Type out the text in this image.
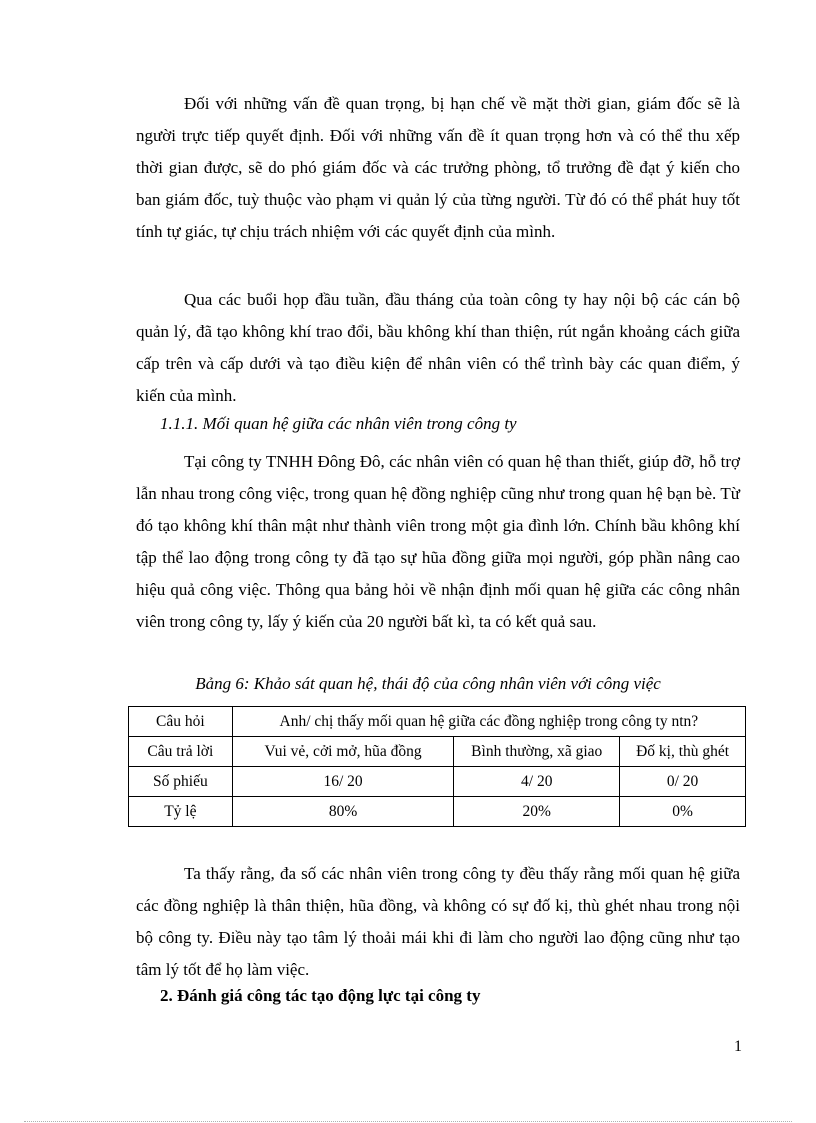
Đối với những vấn đề quan trọng, bị hạn chế về mặt thời gian, giám đốc sẽ là người trực tiếp quyết định. Đối với những vấn đề ít quan trọng hơn và có thể thu xếp thời gian được, sẽ do phó giám đốc và các trưởng phòng, tổ trưởng đề đạt ý kiến cho ban giám đốc, tuỳ thuộc vào phạm vi quản lý của từng người. Từ đó có thể phát huy tốt tính tự giác, tự chịu trách nhiệm với các quyết định của mình.

Qua các buổi họp đầu tuần, đầu tháng của toàn công ty hay nội bộ các cán bộ quản lý, đã tạo không khí trao đổi, bầu không khí than thiện, rút ngắn khoảng cách giữa cấp trên và cấp dưới và tạo điều kiện để nhân viên có thể trình bày các quan điểm, ý kiến của mình.

1.1.1. Mối quan hệ giữa các nhân viên trong công ty

Tại công ty TNHH Đông Đô, các nhân viên có quan hệ than thiết, giúp đỡ, hỗ trợ lẫn nhau trong công việc, trong quan hệ đồng nghiệp cũng như trong quan hệ bạn bè. Từ đó tạo không khí thân mật như thành viên trong một gia đình lớn. Chính bầu không khí tập thể lao động trong công ty đã tạo sự hũa đồng giữa mọi người, góp phần nâng cao hiệu quả công việc. Thông qua bảng hỏi về nhận định mối quan hệ giữa các công nhân viên trong công ty, lấy ý kiến của 20 người bất kì, ta có kết quả sau.

Bảng 6: Khảo sát quan hệ, thái độ của công nhân viên với công việc

Câu hỏi	Anh/ chị thấy mối quan hệ giữa các đồng nghiệp trong công ty ntn?		
Câu trả lời	Vui vẻ, cởi mở, hũa đồng	Bình thường, xã giao	Đố kị, thù ghét
Số phiếu	16/ 20	4/ 20	0/ 20
Tỷ lệ	80%	20%	0%

Ta thấy rằng, đa số các nhân viên trong công ty đều thấy rằng mối quan hệ giữa các đồng nghiệp là thân thiện, hũa đồng, và không có sự đố kị, thù ghét nhau trong nội bộ công ty. Điều này tạo tâm lý thoải mái khi đi làm cho người lao động cũng như tạo tâm lý tốt để họ làm việc.

2. Đánh giá công tác tạo động lực tại công ty

1
